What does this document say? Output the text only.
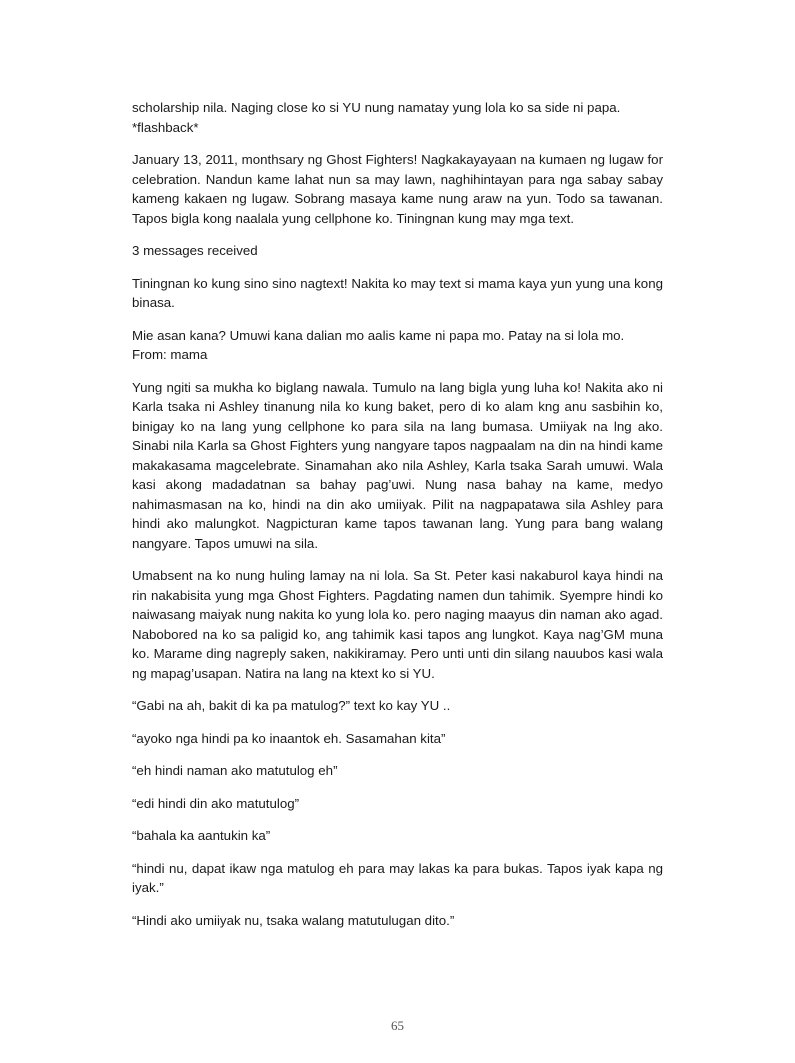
scholarship nila. Naging close ko si YU nung namatay yung lola ko sa side ni papa.
*flashback*

January 13, 2011, monthsary ng Ghost Fighters! Nagkakayayaan na kumaen ng lugaw for celebration. Nandun kame lahat nun sa may lawn, naghihintayan para nga sabay sabay kameng kakaen ng lugaw. Sobrang masaya kame nung araw na yun. Todo sa tawanan. Tapos bigla kong naalala yung cellphone ko. Tiningnan kung may mga text.

3 messages received

Tiningnan ko kung sino sino nagtext! Nakita ko may text si mama kaya yun yung una kong binasa.

Mie asan kana? Umuwi kana dalian mo aalis kame ni papa mo. Patay na si lola mo.
From: mama

Yung ngiti sa mukha ko biglang nawala. Tumulo na lang bigla yung luha ko! Nakita ako ni Karla tsaka ni Ashley tinanung nila ko kung baket, pero di ko alam kng anu sasbihin ko, binigay ko na lang yung cellphone ko para sila na lang bumasa. Umiiyak na lng ako. Sinabi nila Karla sa Ghost Fighters yung nangyare tapos nagpaalam na din na hindi kame makakasama magcelebrate. Sinamahan ako nila Ashley, Karla tsaka Sarah umuwi. Wala kasi akong madadatnan sa bahay pag’uwi. Nung nasa bahay na kame, medyo nahimasmasan na ko, hindi na din ako umiiyak. Pilit na nagpapatawa sila Ashley para hindi ako malungkot. Nagpicturan kame tapos tawanan lang. Yung para bang walang nangyare. Tapos umuwi na sila.

Umabsent na ko nung huling lamay na ni lola. Sa St. Peter kasi nakaburol kaya hindi na rin nakabisita yung mga Ghost Fighters. Pagdating namen dun tahimik. Syempre hindi ko naiwasang maiyak nung nakita ko yung lola ko. pero naging maayus din naman ako agad. Nabobored na ko sa paligid ko, ang tahimik kasi tapos ang lungkot. Kaya nag’GM muna ko. Marame ding nagreply saken, nakikiramay. Pero unti unti din silang nauubos kasi wala ng mapag’usapan. Natira na lang na ktext ko si YU.

“Gabi na ah, bakit di ka pa matulog?” text ko kay YU ..

“ayoko nga hindi pa ko inaantok eh. Sasamahan kita”

“eh hindi naman ako matutulog eh”

“edi hindi din ako matutulog”

“bahala ka aantukin ka”

“hindi nu, dapat ikaw nga matulog eh para may lakas ka para bukas. Tapos iyak kapa ng iyak.”

“Hindi ako umiiyak nu, tsaka walang matutulugan dito.”

65
